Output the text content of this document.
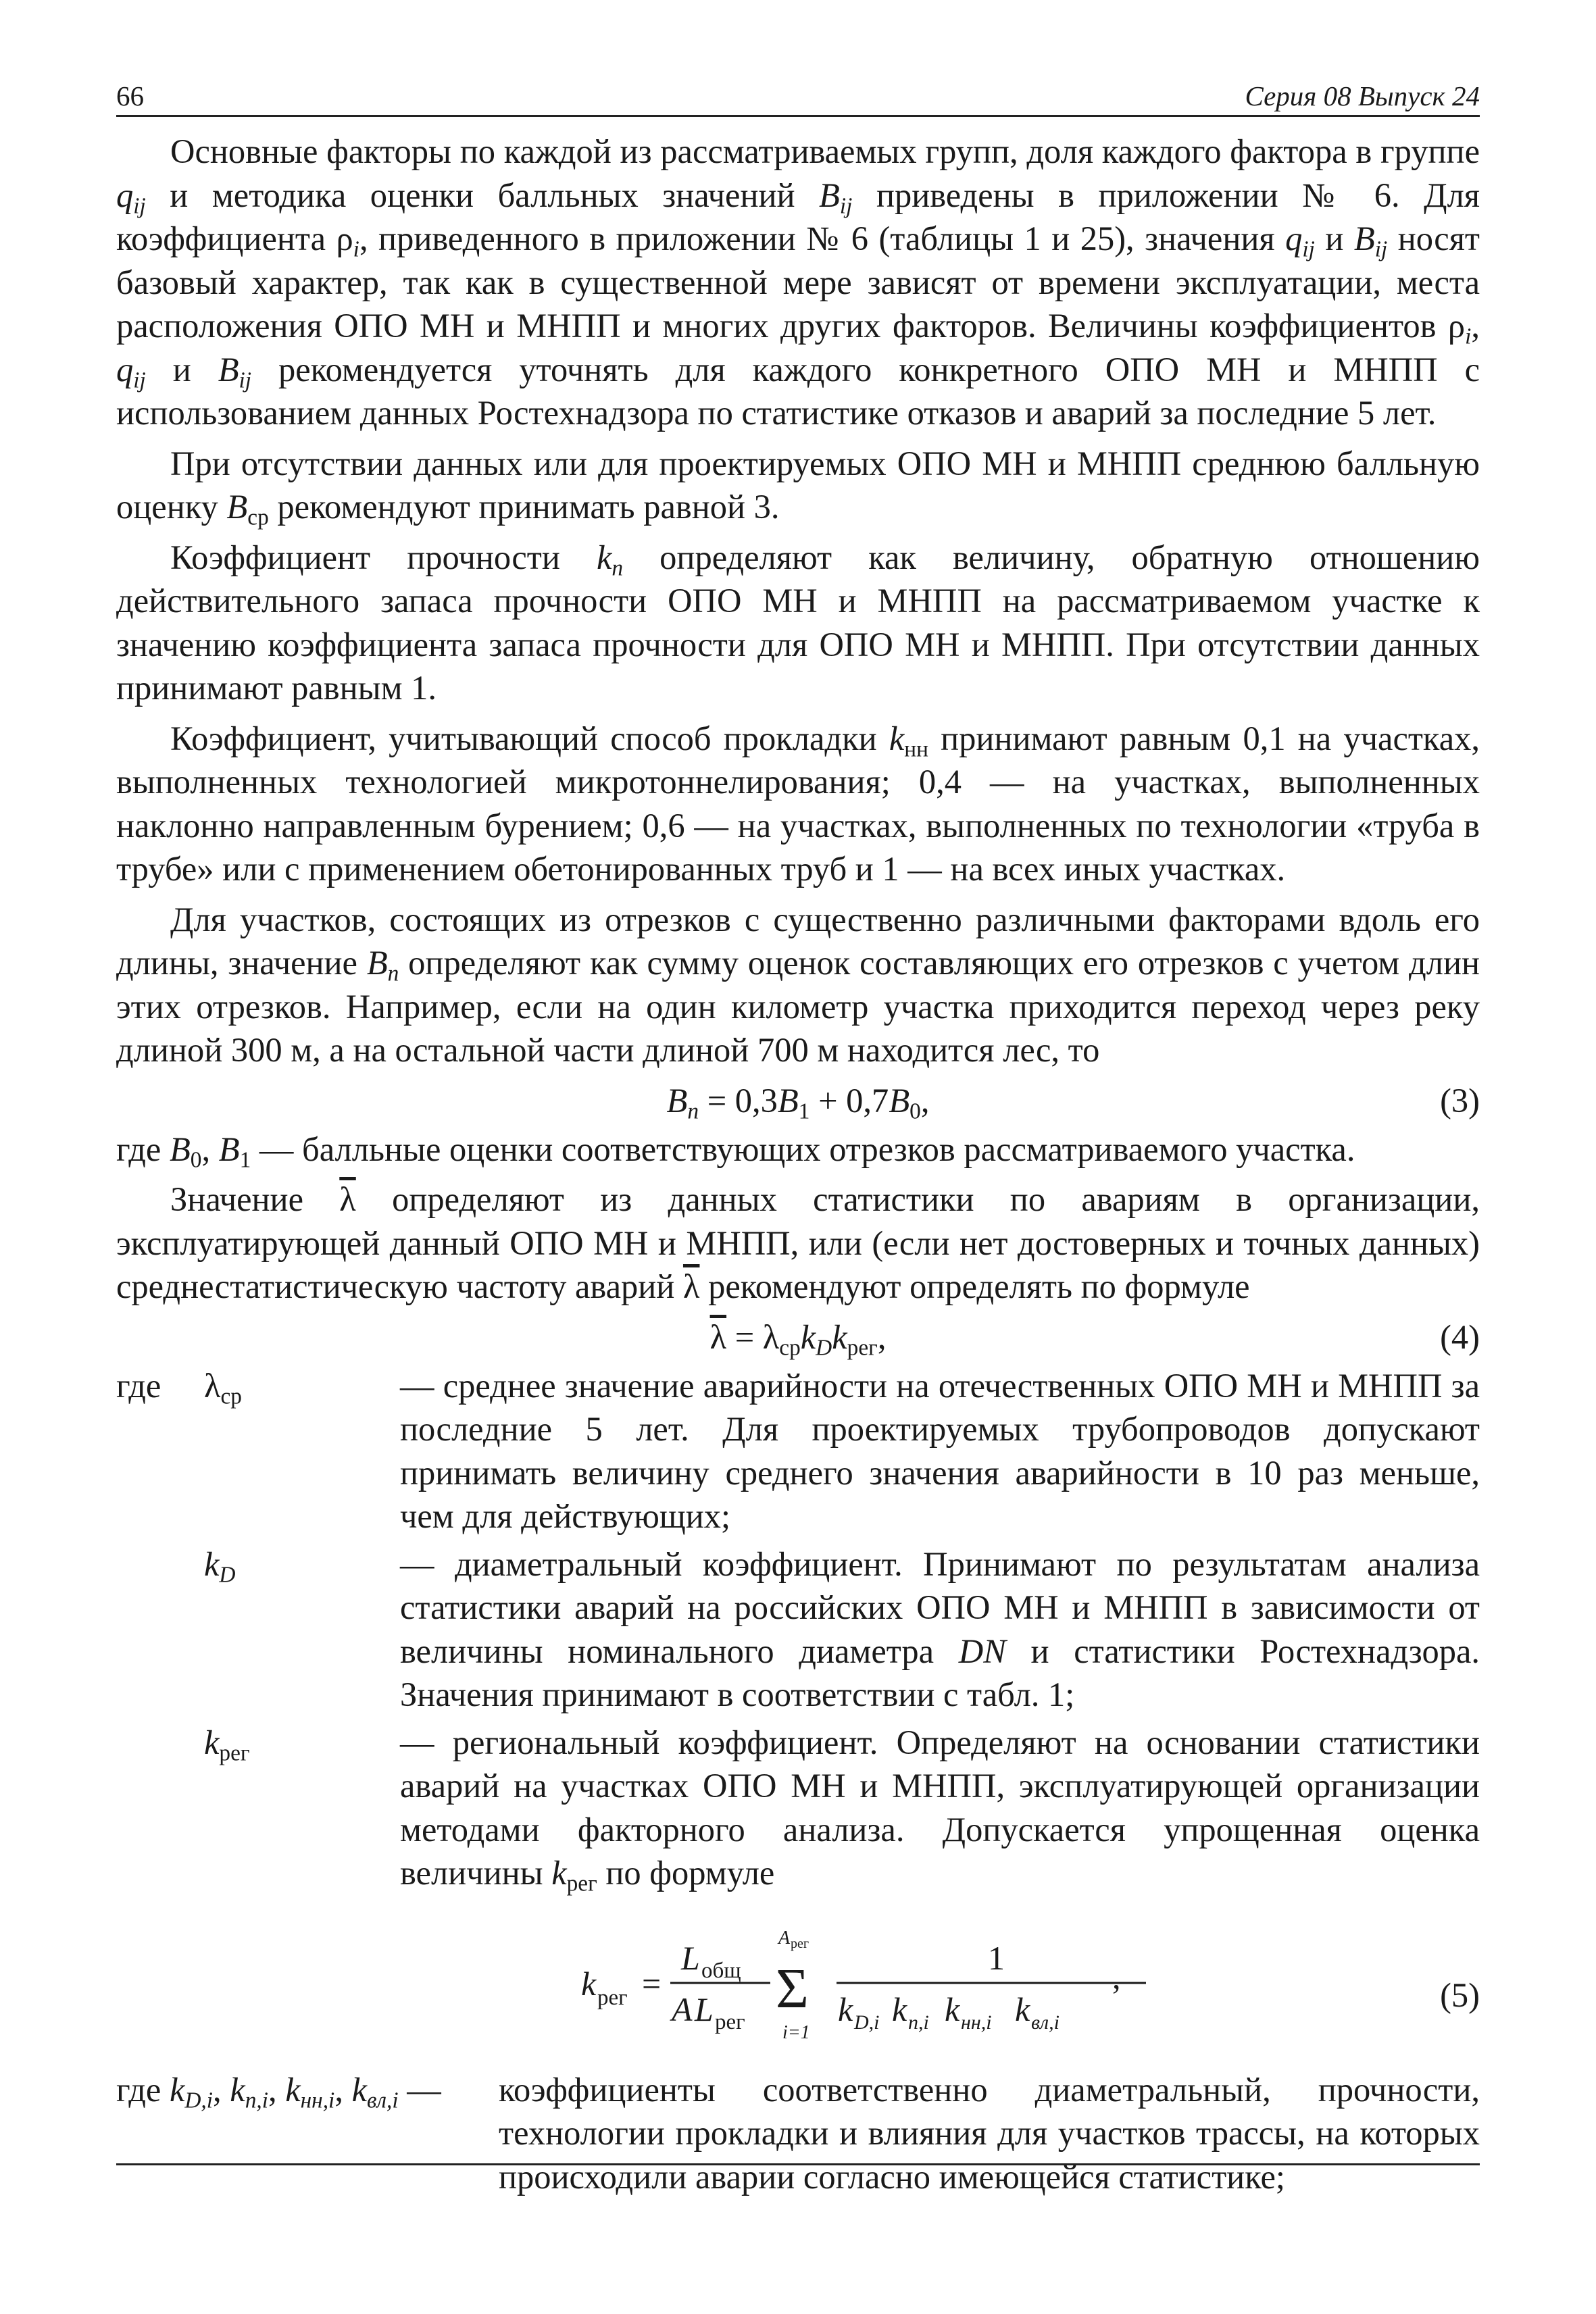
66	Серия 08 Выпуск 24

Основные факторы по каждой из рассматриваемых групп, доля каждого фактора в группе $q_{ij}$ и методика оценки балльных значений $B_{ij}$ приведены в приложении № 6. Для коэффициента $\rho_i$, приведенного в приложении № 6 (таблицы 1 и 25), значения $q_{ij}$ и $B_{ij}$ носят базовый характер, так как в существенной мере зависят от времени эксплуатации, места расположения ОПО МН и МНПП и многих других факторов. Величины коэффициентов $\rho_i$, $q_{ij}$ и $B_{ij}$ рекомендуется уточнять для каждого конкретного ОПО МН и МНПП с использованием данных Ростехнадзора по статистике отказов и аварий за последние 5 лет.

При отсутствии данных или для проектируемых ОПО МН и МНПП среднюю балльную оценку $B_{ср}$ рекомендуют принимать равной 3.

Коэффициент прочности $k_n$ определяют как величину, обратную отношению действительного запаса прочности ОПО МН и МНПП на рассматриваемом участке к значению коэффициента запаса прочности для ОПО МН и МНПП. При отсутствии данных принимают равным 1.

Коэффициент, учитывающий способ прокладки $k_{нн}$ принимают равным 0,1 на участках, выполненных технологией микротоннелирования; 0,4 — на участках, выполненных наклонно направленным бурением; 0,6 — на участках, выполненных по технологии «труба в трубе» или с применением обетонированных труб и 1 — на всех иных участках.

Для участков, состоящих из отрезков с существенно различными факторами вдоль его длины, значение $B_n$ определяют как сумму оценок составляющих его отрезков с учетом длин этих отрезков. Например, если на один километр участка приходится переход через реку длиной 300 м, а на остальной части длиной 700 м находится лес, то

$B_n = 0,3B_1 + 0,7B_0$,	(3)

где $B_0$, $B_1$ — балльные оценки соответствующих отрезков рассматриваемого участка.

Значение $\overline{\lambda}$ определяют из данных статистики по авариям в организации, эксплуатирующей данный ОПО МН и МНПП, или (если нет достоверных и точных данных) среднестатистическую частоту аварий $\overline{\lambda}$ рекомендуют определять по формуле

$\overline{\lambda} = \lambda_{ср}k_Dk_{рег}$,	(4)
где $\lambda_{ср}$
	— среднее значение аварийности на отечественных ОПО МН и МНПП за последние 5 лет. Для проектируемых трубопроводов допускают принимать величину среднего значения аварийности в 10 раз меньше, чем для действующих;
$k_D$
	— диаметральный коэффициент. Принимают по результатам анализа статистики аварий на российских ОПО МН и МНПП в зависимости от величины номинального диаметра DN и статистики Ростехнадзора. Значения принимают в соответствии с табл. 1;
$k_{рег}$
	— региональный коэффициент. Определяют на основании статистики аварий на участках ОПО МН и МНПП, эксплуатирующей организации методами факторного анализа. Допускается упрощенная оценка величины $k_{рег}$ по формуле
k рег =
L общ
A L рег
A рег
Σ
i=1
1
k D,i k п,i k нн,i k вл,i
,	(5)
где $k_{D,i}$, $k_{п,i}$, $k_{нн,i}$, $k_{вл,i}$ —	коэффициенты соответственно диаметральный, прочности, технологии прокладки и влияния для участков трассы, на которых происходили аварии согласно имеющейся статистике;
